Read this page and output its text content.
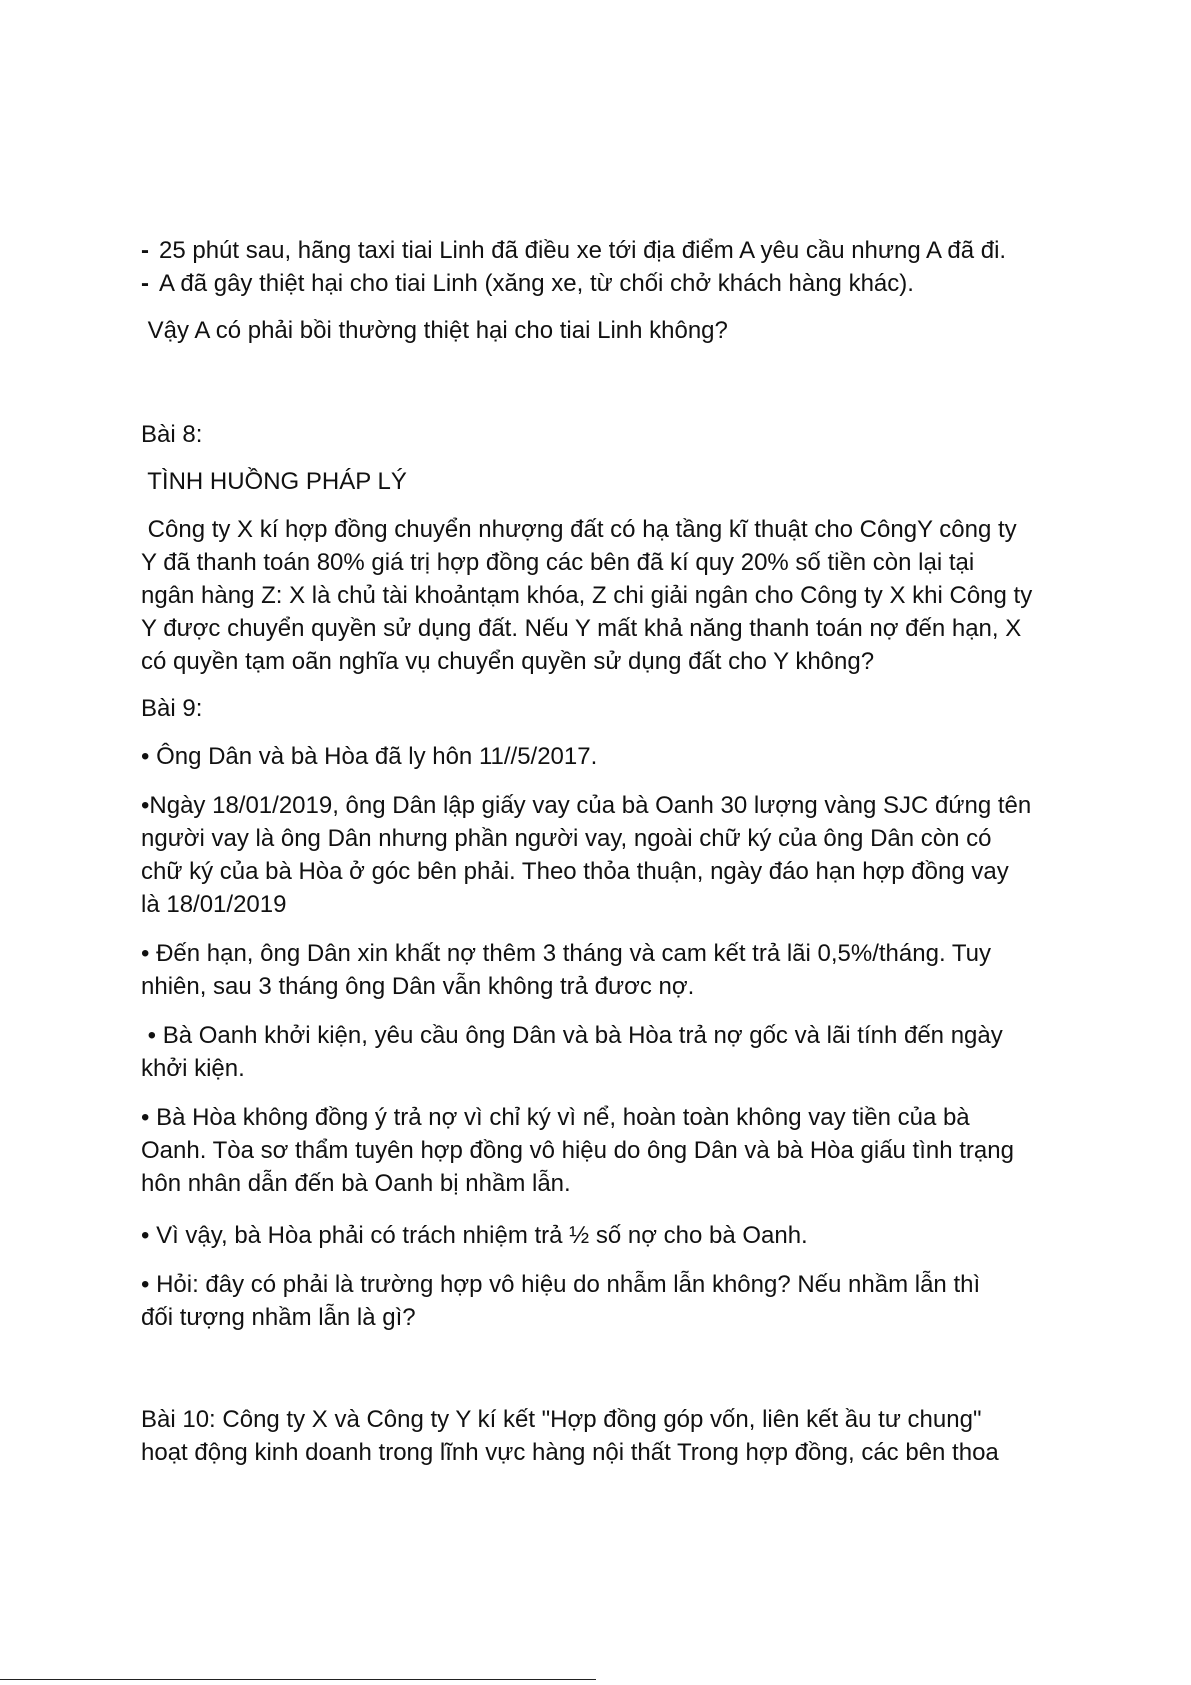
- 25 phút sau, hãng taxi tiai Linh đã điều xe tới địa điểm A yêu cầu nhưng A đã đi.

- A đã gây thiệt hại cho tiai Linh (xăng xe, từ chối chở khách hàng khác).

Vậy A có phải bồi thường thiệt hại cho tiai Linh không?

Bài 8:

TÌNH HUỒNG PHÁP LÝ

Công ty X kí hợp đồng chuyển nhượng đất có hạ tầng kĩ thuật cho CôngY công ty

Y đã thanh toán 80% giá trị hợp đồng các bên đã kí quy 20% số tiền còn lại tại

ngân hàng Z: X là chủ tài khoảntạm khóa, Z chi giải ngân cho Công ty X khi Công ty

Y được chuyển quyền sử dụng đất. Nếu Y mất khả năng thanh toán nợ đến hạn, X

có quyền tạm oãn nghĩa vụ chuyển quyền sử dụng đất cho Y không?

Bài 9:

• Ông Dân và bà Hòa đã ly hôn 11//5/2017.

•Ngày 18/01/2019, ông Dân lập giấy vay của bà Oanh 30 lượng vàng SJC đứng tên

người vay là ông Dân nhưng phần người vay, ngoài chữ ký của ông Dân còn có

chữ ký của bà Hòa ở góc bên phải. Theo thỏa thuận, ngày đáo hạn hợp đồng vay

là 18/01/2019

• Đến hạn, ông Dân xin khất nợ thêm 3 tháng và cam kết trả lãi 0,5%/tháng. Tuy

nhiên, sau 3 tháng ông Dân vẫn không trả đươc nợ.

• Bà Oanh khởi kiện, yêu cầu ông Dân và bà Hòa trả nợ gốc và lãi tính đến ngày

khởi kiện.

• Bà Hòa không đồng ý trả nợ vì chỉ ký vì nể, hoàn toàn không vay tiền của bà

Oanh. Tòa sơ thẩm tuyên hợp đồng vô hiệu do ông Dân và bà Hòa giấu tình trạng

hôn nhân dẫn đến bà Oanh bị nhầm lẫn.

• Vì vậy, bà Hòa phải có trách nhiệm trả ½ số nợ cho bà Oanh.

• Hỏi: đây có phải là trường hợp vô hiệu do nhẫm lẫn không? Nếu nhầm lẫn thì

đối tượng nhầm lẫn là gì?

Bài 10: Công ty X và Công ty Y kí kết "Hợp đồng góp vốn, liên kết ầu tư chung"

hoạt động kinh doanh trong lĩnh vực hàng nội thất Trong hợp đồng, các bên thoa
